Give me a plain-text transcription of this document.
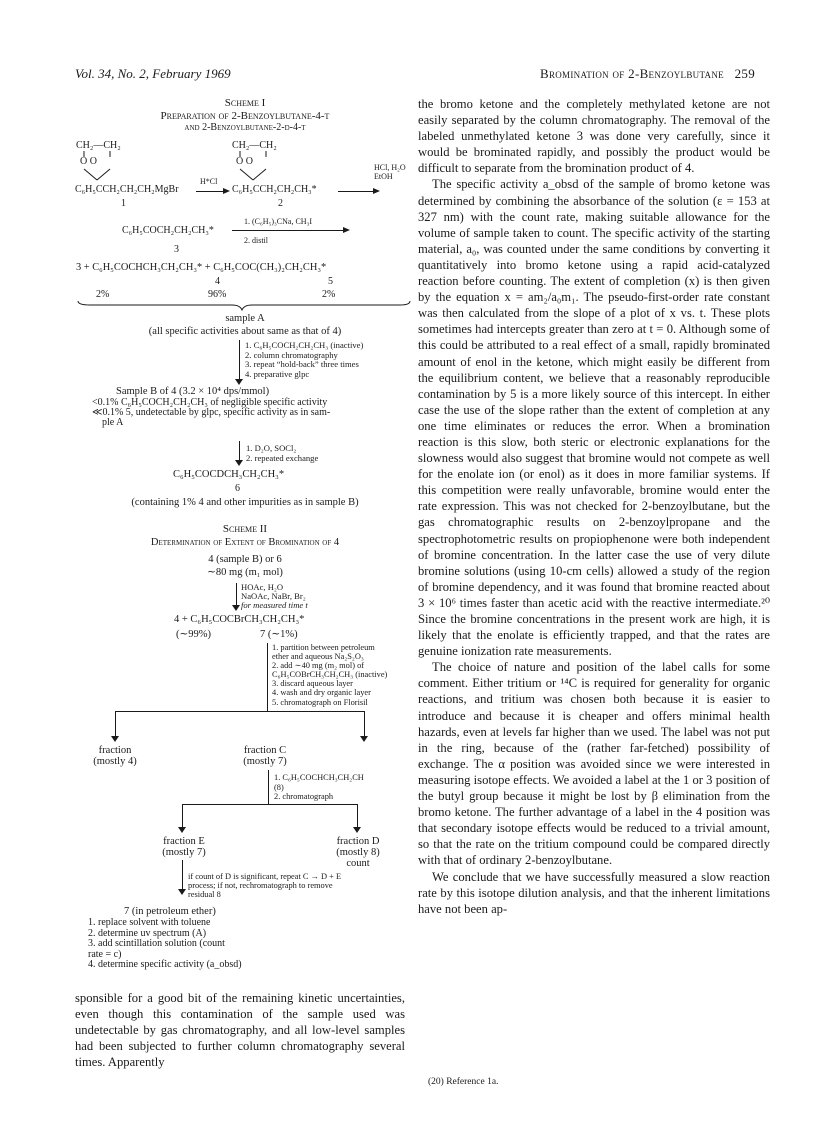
Vol. 34, No. 2, February 1969	Bromination of 2-Benzoylbutane 259
Scheme I
Preparation of 2-Benzoylbutane-4-t
and 2-Benzoylbutane-2-d-4-t
CH₂—CH₂	CH₂—CH₂
O O	O O
H*Cl
HCl, H₂O
EtOH
C₆H₅CCH₂CH₂CH₂MgBr	C₆H₅CCH₂CH₂CH₃*
1	2
C₆H₅COCH₂CH₂CH₃*
1. (C₆H₅)₃CNa, CH₃I
2. distil
3
3 + C₆H₅COCHCH₃CH₂CH₃* + C₆H₅COC(CH₃)₂CH₂CH₃*
4	5
2%	96%	2%
sample A
(all specific activities about same as that of 4)
1. C₆H₅COCH₂CH₂CH₃ (inactive)
2. column chromatography
3. repeat “hold-back” three times
4. preparative glpc
Sample B of 4 (3.2 × 10⁴ dps/mmol)
<0.1% C₆H₅COCH₂CH₂CH₃ of negligible specific activity
≪0.1% 5, undetectable by glpc, specific activity as in sam-
ple A
1. D₂O, SOCl₂
2. repeated exchange
C₆H₅COCDCH₃CH₂CH₃*
6
(containing 1% 4 and other impurities as in sample B)
Scheme II
Determination of Extent of Bromination of 4
4 (sample B) or 6
∼80 mg (m₁ mol)
HOAc, H₂O
NaOAc, NaBr, Br₂
for measured time t
4 + C₆H₅COCBrCH₃CH₂CH₃*
(∼99%)	7 (∼1%)
1. partition between petroleum
ether and aqueous Na₂S₂O₃
2. add ∼40 mg (m₂ mol) of
C₆H₅COBrCH₃CH₂CH₃ (inactive)
3. discard aqueous layer
4. wash and dry organic layer
5. chromatograph on Florisil
fraction
(mostly 4)
fraction C
(mostly 7)
1. C₆H₅COCHCH₃CH₂CH
(8)
2. chromatograph
fraction E
(mostly 7)
fraction D
(mostly 8)
count
if count of D is significant, repeat C → D + E
process; if not, rechromatograph to remove
residual 8
7 (in petroleum ether)
1. replace solvent with toluene
2. determine uv spectrum (A)
3. add scintillation solution (count
rate = c)
4. determine specific activity (a_obsd)

sponsible for a good bit of the remaining kinetic uncertainties, even though this contamination of the sample used was undetectable by gas chromatography, and all low-level samples had been subjected to further column chromatography several times. Apparently

the bromo ketone and the completely methylated ketone are not easily separated by the column chromatography. The removal of the labeled unmethylated ketone 3 was done very carefully, since it would be brominated rapidly, and possibly the product would be difficult to separate from the bromination product of 4.

The specific activity a_obsd of the sample of bromo ketone was determined by combining the absorbance of the solution (ε = 153 at 327 nm) with the count rate, making suitable allowance for the volume of sample taken to count. The specific activity of the starting material, a₀, was counted under the same conditions by converting it quantitatively into bromo ketone using a rapid acid-catalyzed reaction before counting. The extent of completion (x) is then given by the equation x = am₂/a₀m₁. The pseudo-first-order rate constant was then calculated from the slope of a plot of x vs. t. These plots sometimes had intercepts greater than zero at t = 0. Although some of this could be attributed to a real effect of a small, rapidly brominated amount of enol in the ketone, which might easily be different from the equilibrium content, we believe that a reasonably reproducible contamination by 5 is a more likely source of this intercept. In either case the use of the slope rather than the extent of completion at any one time eliminates or reduces the error. When a bromination reaction is this slow, both steric or electronic explanations for the slowness would also suggest that bromine would not compete as well for the enolate ion (or enol) as it does in more familiar systems. If this competition were really unfavorable, bromine would enter the rate expression. This was not checked for 2-benzoylbutane, but the gas chromatographic results on 2-benzoylpropane and the spectrophotometric results on propiophenone were both independent of bromine concentration. In the latter case the use of very dilute bromine solutions (using 10-cm cells) allowed a study of the region of bromine dependency, and it was found that bromine reacted about 3 × 10⁶ times faster than acetic acid with the reactive intermediate.²⁰ Since the bromine concentrations in the present work are high, it is likely that the enolate is efficiently trapped, and that the rates are genuine ionization rate measurements.

The choice of nature and position of the label calls for some comment. Either tritium or ¹⁴C is required for generality for organic reactions, and tritium was chosen both because it is easier to introduce and because it is cheaper and offers minimal health hazards, even at levels far higher than we used. The label was not put in the ring, because of the (rather far-fetched) possibility of exchange. The α position was avoided since we were interested in measuring isotope effects. We avoided a label at the 1 or 3 position of the butyl group because it might be lost by β elimination from the bromo ketone. The further advantage of a label in the 4 position was that secondary isotope effects would be reduced to a trivial amount, so that the rate on the tritium compound could be compared directly with that of ordinary 2-benzoylbutane.

We conclude that we have successfully measured a slow reaction rate by this isotope dilution analysis, and that the inherent limitations have not been ap-

(20) Reference 1a.
